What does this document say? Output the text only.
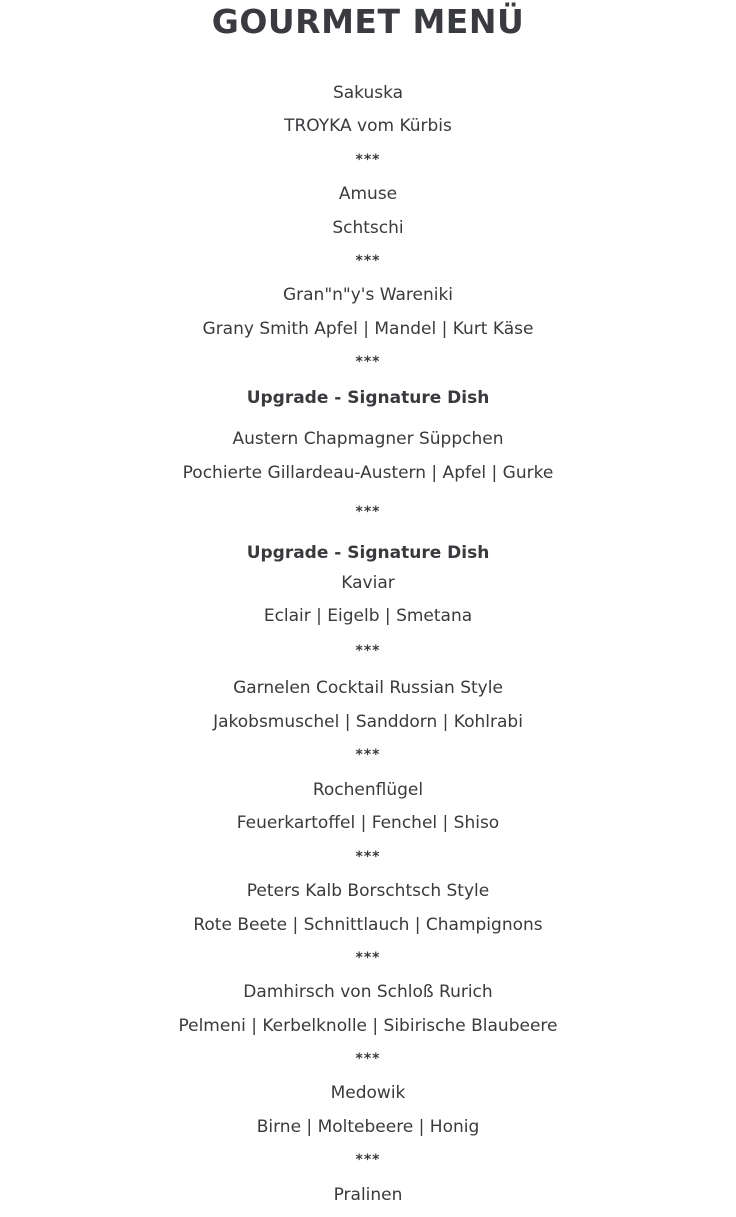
GOURMET MENÜ
Sakuska
TROYKA vom Kürbis
***
Amuse
Schtschi
***
Gran"n"y's Wareniki
Grany Smith Apfel | Mandel | Kurt Käse
***
Upgrade - Signature Dish
Austern Chapmagner Süppchen
Pochierte Gillardeau-Austern | Apfel | Gurke
***
Upgrade - Signature Dish
Kaviar
Eclair | Eigelb | Smetana
***
Garnelen Cocktail Russian Style
Jakobsmuschel | Sanddorn | Kohlrabi
***
Rochenflügel
Feuerkartoffel | Fenchel | Shiso
***
Peters Kalb Borschtsch Style
Rote Beete | Schnittlauch | Champignons
***
Damhirsch von Schloß Rurich
Pelmeni | Kerbelknolle | Sibirische Blaubeere
***
Medowik
Birne | Moltebeere | Honig
***
Pralinen
